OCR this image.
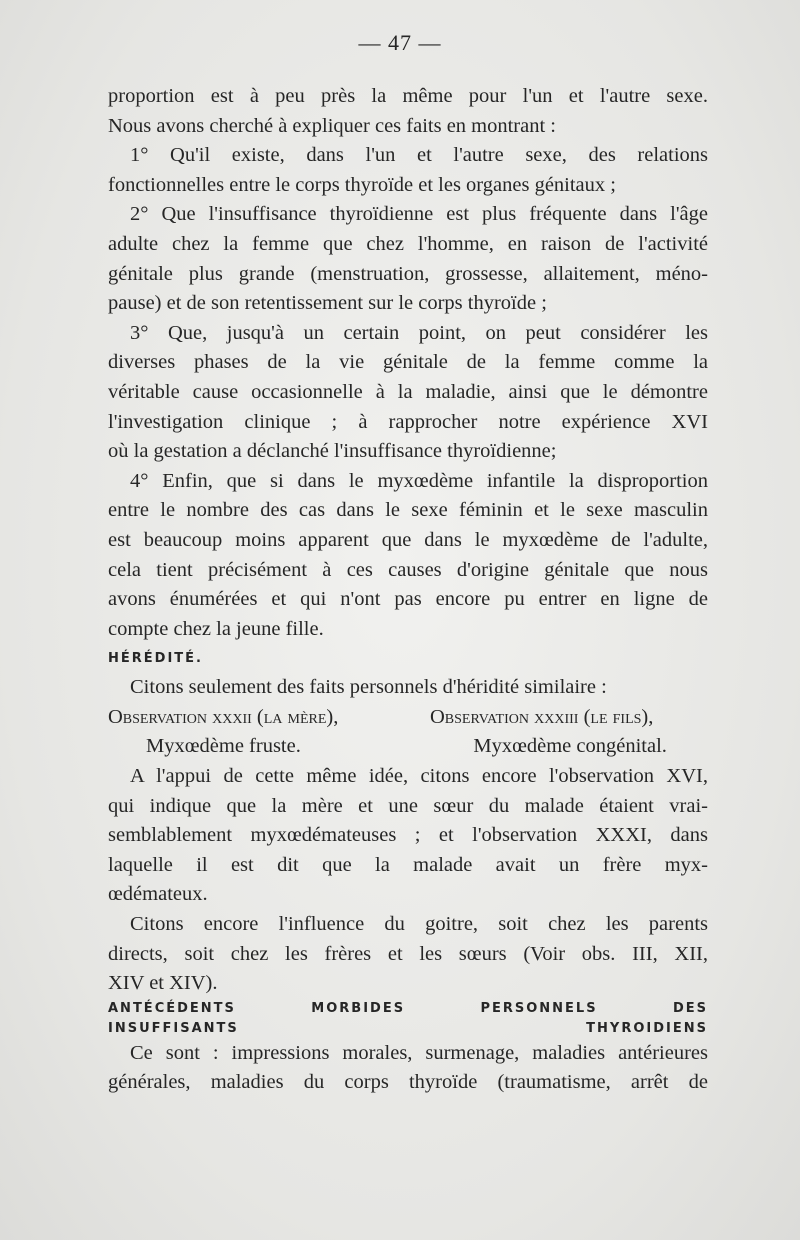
— 47 —

proportion est à peu près la même pour l'un et l'autre sexe.

Nous avons cherché à expliquer ces faits en montrant :

1° Qu'il existe, dans l'un et l'autre sexe, des relations

fonctionnelles entre le corps thyroïde et les organes génitaux ;

2° Que l'insuffisance thyroïdienne est plus fréquente dans l'âge

adulte chez la femme que chez l'homme, en raison de l'activité

génitale plus grande (menstruation, grossesse, allaitement, méno-

pause) et de son retentissement sur le corps thyroïde ;

3° Que, jusqu'à un certain point, on peut considérer les

diverses phases de la vie génitale de la femme comme la

véritable cause occasionnelle à la maladie, ainsi que le démontre

l'investigation clinique ; à rapprocher notre expérience XVI

où la gestation a déclanché l'insuffisance thyroïdienne;

4° Enfin, que si dans le myxœdème infantile la disproportion

entre le nombre des cas dans le sexe féminin et le sexe masculin

est beaucoup moins apparent que dans le myxœdème de l'adulte,

cela tient précisément à ces causes d'origine génitale que nous

avons énumérées et qui n'ont pas encore pu entrer en ligne de

compte chez la jeune fille.

HÉRÉDITÉ.

Citons seulement des faits personnels d'héridité similaire :

Observation xxxii (la mère),	Observation xxxiii (le fils),
Myxœdème fruste.	Myxœdème congénital.

A l'appui de cette même idée, citons encore l'observation XVI,

qui indique que la mère et une sœur du malade étaient vrai-

semblablement myxœdémateuses ; et l'observation XXXI, dans

laquelle il est dit que la malade avait un frère myx-

œdémateux.

Citons encore l'influence du goitre, soit chez les parents

directs, soit chez les frères et les sœurs (Voir obs. III, XII,

XIV et XIV).

ANTÉCÉDENTS MORBIDES PERSONNELS DES
INSUFFISANTS THYROIDIENS

Ce sont : impressions morales, surmenage, maladies antérieures

générales, maladies du corps thyroïde (traumatisme, arrêt de
